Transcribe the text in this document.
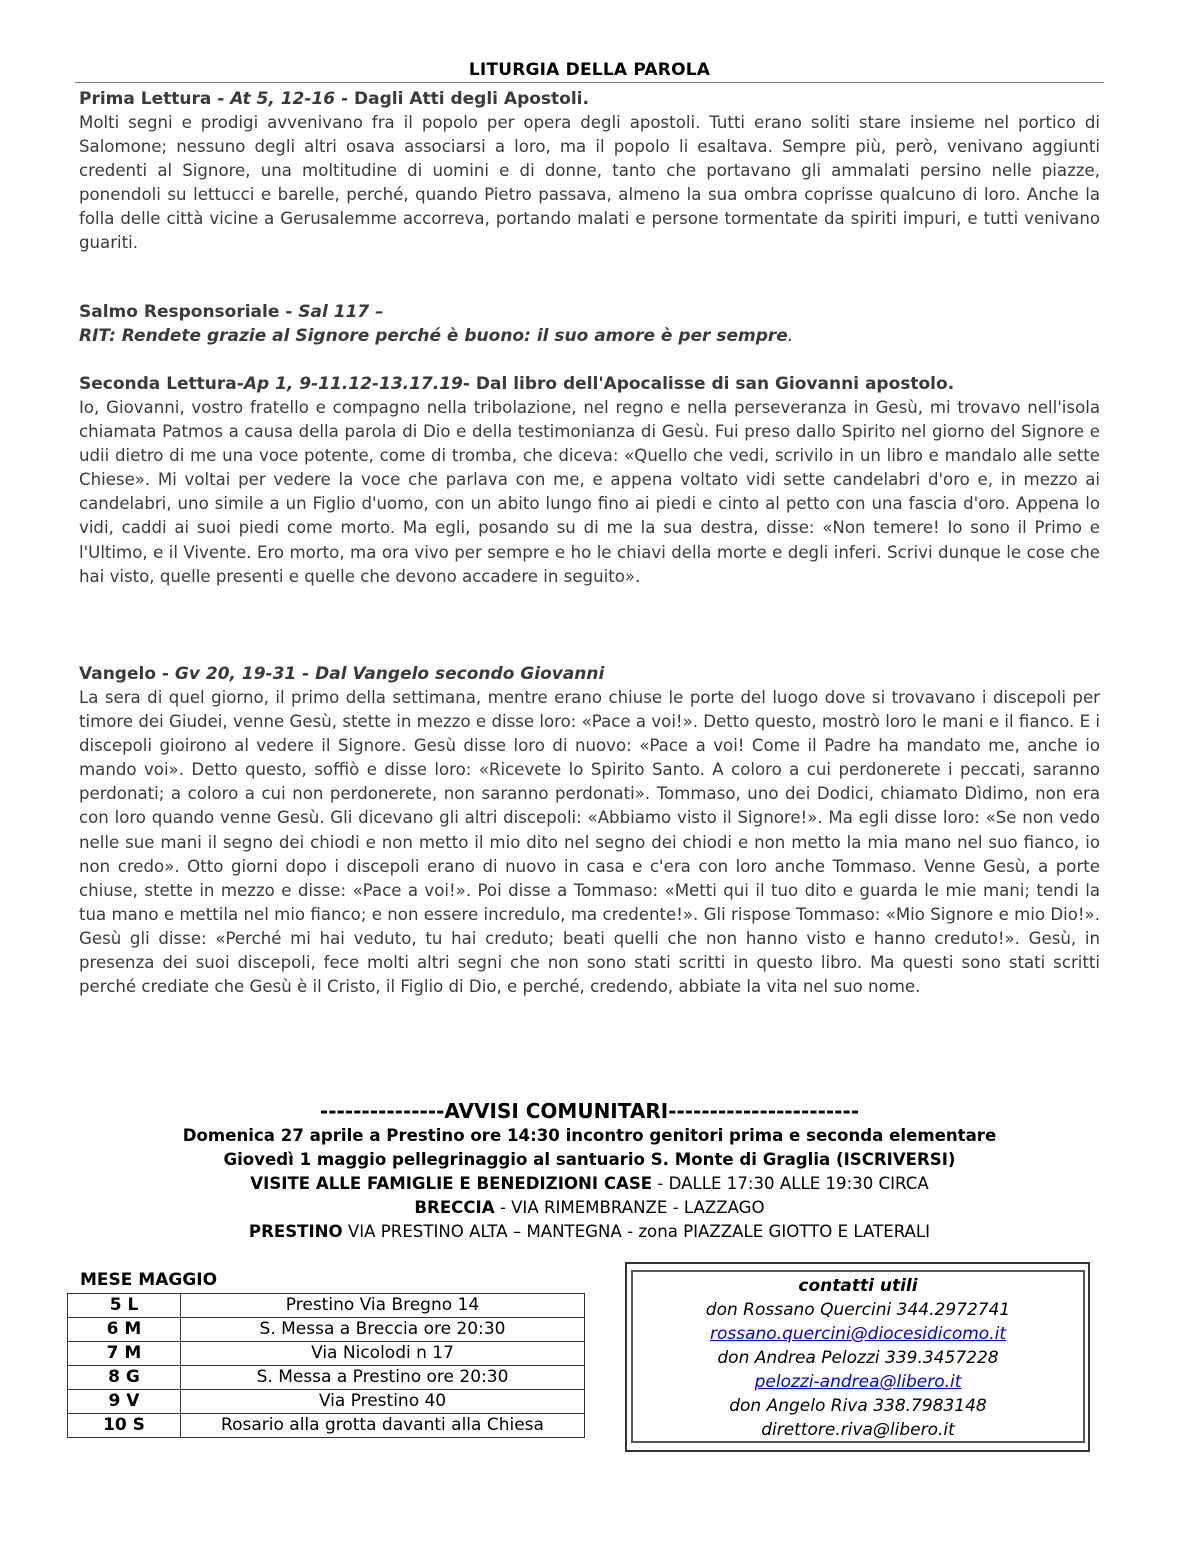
LITURGIA DELLA PAROLA
Prima Lettura - At 5, 12-16 - Dagli Atti degli Apostoli.
Molti segni e prodigi avvenivano fra il popolo per opera degli apostoli. Tutti erano soliti stare insieme nel portico di Salomone; nessuno degli altri osava associarsi a loro, ma il popolo li esaltava. Sempre più, però, venivano aggiunti credenti al Signore, una moltitudine di uomini e di donne, tanto che portavano gli ammalati persino nelle piazze, ponendoli su lettucci e barelle, perché, quando Pietro passava, almeno la sua ombra coprisse qualcuno di loro. Anche la folla delle città vicine a Gerusalemme accorreva, portando malati e persone tormentate da spiriti impuri, e tutti venivano guariti.
Salmo Responsoriale - Sal 117 –
RIT: Rendete grazie al Signore perché è buono: il suo amore è per sempre.
Seconda Lettura-Ap 1, 9-11.12-13.17.19- Dal libro dell'Apocalisse di san Giovanni apostolo.
Io, Giovanni, vostro fratello e compagno nella tribolazione, nel regno e nella perseveranza in Gesù, mi trovavo nell'isola chiamata Patmos a causa della parola di Dio e della testimonianza di Gesù. Fui preso dallo Spirito nel giorno del Signore e udii dietro di me una voce potente, come di tromba, che diceva: «Quello che vedi, scrivilo in un libro e mandalo alle sette Chiese». Mi voltai per vedere la voce che parlava con me, e appena voltato vidi sette candelabri d'oro e, in mezzo ai candelabri, uno simile a un Figlio d'uomo, con un abito lungo fino ai piedi e cinto al petto con una fascia d'oro. Appena lo vidi, caddi ai suoi piedi come morto. Ma egli, posando su di me la sua destra, disse: «Non temere! Io sono il Primo e l'Ultimo, e il Vivente. Ero morto, ma ora vivo per sempre e ho le chiavi della morte e degli inferi. Scrivi dunque le cose che hai visto, quelle presenti e quelle che devono accadere in seguito».
Vangelo - Gv 20, 19-31 - Dal Vangelo secondo Giovanni
La sera di quel giorno, il primo della settimana, mentre erano chiuse le porte del luogo dove si trovavano i discepoli per timore dei Giudei, venne Gesù, stette in mezzo e disse loro: «Pace a voi!». Detto questo, mostrò loro le mani e il fianco. E i discepoli gioirono al vedere il Signore. Gesù disse loro di nuovo: «Pace a voi! Come il Padre ha mandato me, anche io mando voi». Detto questo, soffiò e disse loro: «Ricevete lo Spirito Santo. A coloro a cui perdonerete i peccati, saranno perdonati; a coloro a cui non perdonerete, non saranno perdonati». Tommaso, uno dei Dodici, chiamato Dìdimo, non era con loro quando venne Gesù. Gli dicevano gli altri discepoli: «Abbiamo visto il Signore!». Ma egli disse loro: «Se non vedo nelle sue mani il segno dei chiodi e non metto il mio dito nel segno dei chiodi e non metto la mia mano nel suo fianco, io non credo». Otto giorni dopo i discepoli erano di nuovo in casa e c'era con loro anche Tommaso. Venne Gesù, a porte chiuse, stette in mezzo e disse: «Pace a voi!». Poi disse a Tommaso: «Metti qui il tuo dito e guarda le mie mani; tendi la tua mano e mettila nel mio fianco; e non essere incredulo, ma credente!». Gli rispose Tommaso: «Mio Signore e mio Dio!». Gesù gli disse: «Perché mi hai veduto, tu hai creduto; beati quelli che non hanno visto e hanno creduto!». Gesù, in presenza dei suoi discepoli, fece molti altri segni che non sono stati scritti in questo libro. Ma questi sono stati scritti perché crediate che Gesù è il Cristo, il Figlio di Dio, e perché, credendo, abbiate la vita nel suo nome.
---------------AVVISI COMUNITARI-----------------------
Domenica 27 aprile a Prestino ore 14:30 incontro genitori prima e seconda elementare
Giovedì 1 maggio pellegrinaggio al santuario S. Monte di Graglia (ISCRIVERSI)
VISITE ALLE FAMIGLIE E BENEDIZIONI CASE - DALLE 17:30 ALLE 19:30 CIRCA
BRECCIA - VIA RIMEMBRANZE - LAZZAGO
PRESTINO VIA PRESTINO ALTA – MANTEGNA - zona PIAZZALE GIOTTO E LATERALI
MESE MAGGIO
5 L	Prestino Via Bregno 14
6 M	S. Messa a Breccia ore 20:30
7 M	Via Nicolodi n 17
8 G	S. Messa a Prestino ore 20:30
9 V	Via Prestino 40
10 S	Rosario alla grotta davanti alla Chiesa
contatti utili
don Rossano Quercini 344.2972741
rossano.quercini@diocesidicomo.it
don Andrea Pelozzi 339.3457228
pelozzi-andrea@libero.it
don Angelo Riva 338.7983148
direttore.riva@libero.it
